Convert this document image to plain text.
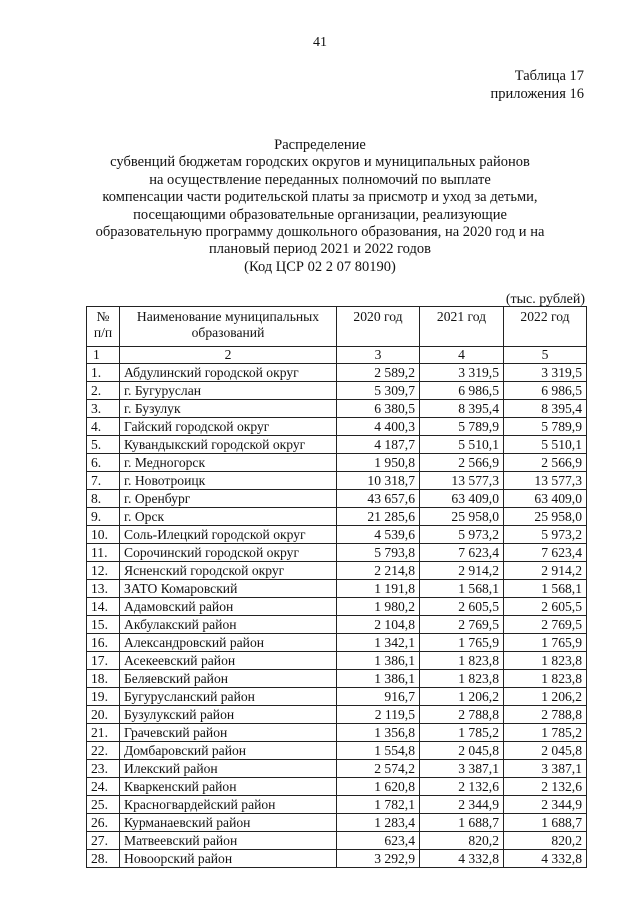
41
Таблица 17
приложения 16
Распределение
субвенций бюджетам городских округов и муниципальных районов
на осуществление переданных полномочий по выплате
компенсации части родительской платы за присмотр и уход за детьми,
посещающими образовательные организации, реализующие
образовательную программу дошкольного образования, на 2020 год и на
плановый период 2021 и 2022 годов
(Код ЦСР 02 2 07 80190)
(тыс. рублей)
№ п/п	Наименование муниципальных образований	2020 год	2021 год	2022 год
1	2	3	4	5
1.	Абдулинский городской округ	2 589,2	3 319,5	3 319,5
2.	г. Бугуруслан	5 309,7	6 986,5	6 986,5
3.	г. Бузулук	6 380,5	8 395,4	8 395,4
4.	Гайский городской округ	4 400,3	5 789,9	5 789,9
5.	Кувандыкский городской округ	4 187,7	5 510,1	5 510,1
6.	г. Медногорск	1 950,8	2 566,9	2 566,9
7.	г. Новотроицк	10 318,7	13 577,3	13 577,3
8.	г. Оренбург	43 657,6	63 409,0	63 409,0
9.	г. Орск	21 285,6	25 958,0	25 958,0
10.	Соль-Илецкий городской округ	4 539,6	5 973,2	5 973,2
11.	Сорочинский городской округ	5 793,8	7 623,4	7 623,4
12.	Ясненский городской округ	2 214,8	2 914,2	2 914,2
13.	ЗАТО Комаровский	1 191,8	1 568,1	1 568,1
14.	Адамовский район	1 980,2	2 605,5	2 605,5
15.	Акбулакский район	2 104,8	2 769,5	2 769,5
16.	Александровский район	1 342,1	1 765,9	1 765,9
17.	Асекеевский район	1 386,1	1 823,8	1 823,8
18.	Беляевский район	1 386,1	1 823,8	1 823,8
19.	Бугурусланский район	916,7	1 206,2	1 206,2
20.	Бузулукский район	2 119,5	2 788,8	2 788,8
21.	Грачевский район	1 356,8	1 785,2	1 785,2
22.	Домбаровский район	1 554,8	2 045,8	2 045,8
23.	Илекский район	2 574,2	3 387,1	3 387,1
24.	Кваркенский район	1 620,8	2 132,6	2 132,6
25.	Красногвардейский район	1 782,1	2 344,9	2 344,9
26.	Курманаевский район	1 283,4	1 688,7	1 688,7
27.	Матвеевский район	623,4	820,2	820,2
28.	Новоорский район	3 292,9	4 332,8	4 332,8
